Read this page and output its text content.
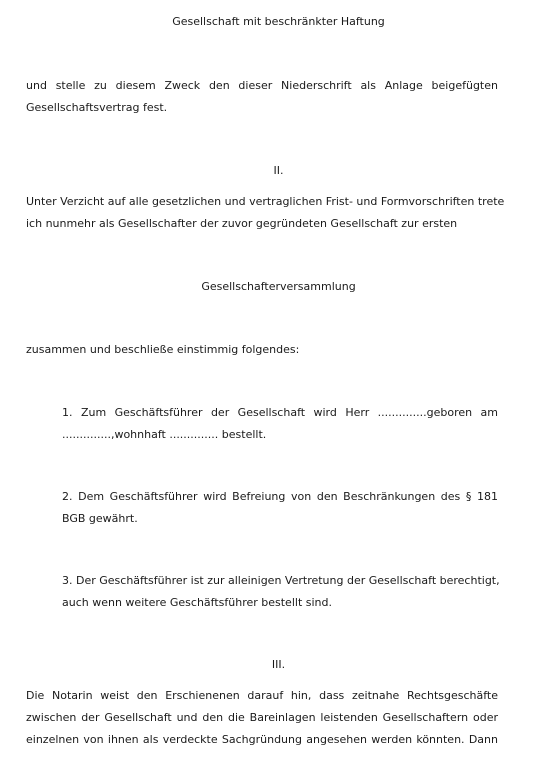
Gesellschaft mit beschränkter Haftung
und stelle zu diesem Zweck den dieser Niederschrift als Anlage beigefügten
Gesellschaftsvertrag fest.
II.
Unter Verzicht auf alle gesetzlichen und vertraglichen Frist- und Formvorschriften trete
ich nunmehr als Gesellschafter der zuvor gegründeten Gesellschaft zur ersten
Gesellschafterversammlung
zusammen und beschließe einstimmig folgendes:
1. Zum Geschäftsführer der Gesellschaft wird Herr ..............geboren am
..............,wohnhaft .............. bestellt.
2. Dem Geschäftsführer wird Befreiung von den Beschränkungen des § 181
BGB gewährt.
3. Der Geschäftsführer ist zur alleinigen Vertretung der Gesellschaft berechtigt,
auch wenn weitere Geschäftsführer bestellt sind.
III.
Die Notarin weist den Erschienenen darauf hin, dass zeitnahe Rechtsgeschäfte
zwischen der Gesellschaft und den die Bareinlagen leistenden Gesellschaftern oder
einzelnen von ihnen als verdeckte Sachgründung angesehen werden könnten. Dann
